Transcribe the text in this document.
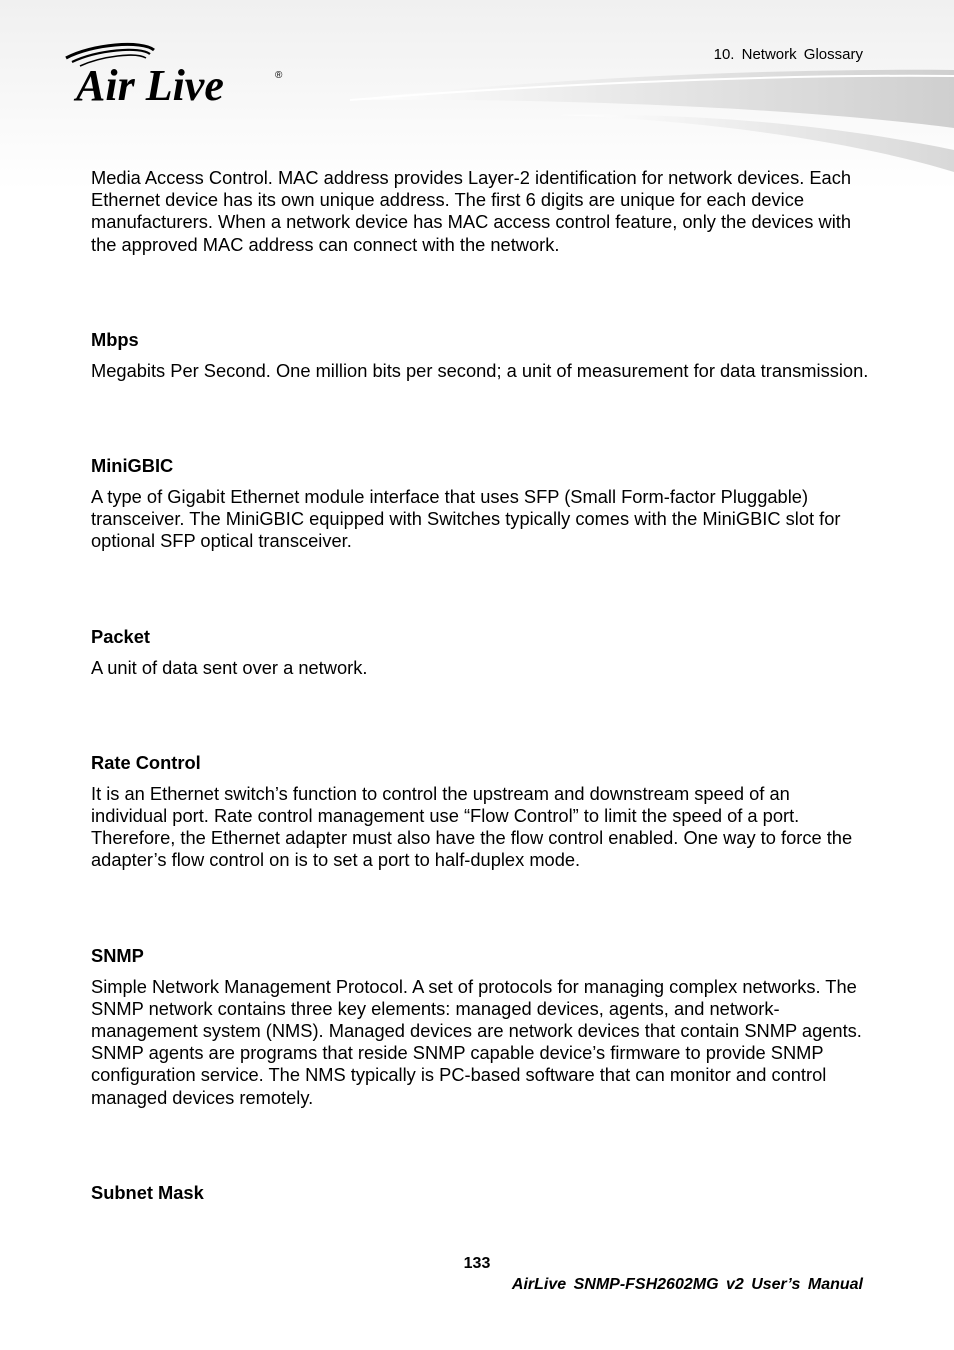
Air Live	®
10. Network Glossary

Media Access Control. MAC address provides Layer-2 identification for network devices. Each Ethernet device has its own unique address. The first 6 digits are unique for each device manufacturers. When a network device has MAC access control feature, only the devices with the approved MAC address can connect with the network.

Mbps

Megabits Per Second. One million bits per second; a unit of measurement for data transmission.

MiniGBIC

A type of Gigabit Ethernet module interface that uses SFP (Small Form-factor Pluggable) transceiver. The MiniGBIC equipped with Switches typically comes with the MiniGBIC slot for optional SFP optical transceiver.

Packet

A unit of data sent over a network.

Rate Control

It is an Ethernet switch’s function to control the upstream and downstream speed of an individual port. Rate control management use “Flow Control” to limit the speed of a port. Therefore, the Ethernet adapter must also have the flow control enabled. One way to force the adapter’s flow control on is to set a port to half-duplex mode.

SNMP

Simple Network Management Protocol. A set of protocols for managing complex networks. The SNMP network contains three key elements: managed devices, agents, and network-management system (NMS). Managed devices are network devices that contain SNMP agents. SNMP agents are programs that reside SNMP capable device’s firmware to provide SNMP configuration service. The NMS typically is PC-based software that can monitor and control managed devices remotely.

Subnet Mask

133
AirLive SNMP-FSH2602MG v2 User’s Manual
